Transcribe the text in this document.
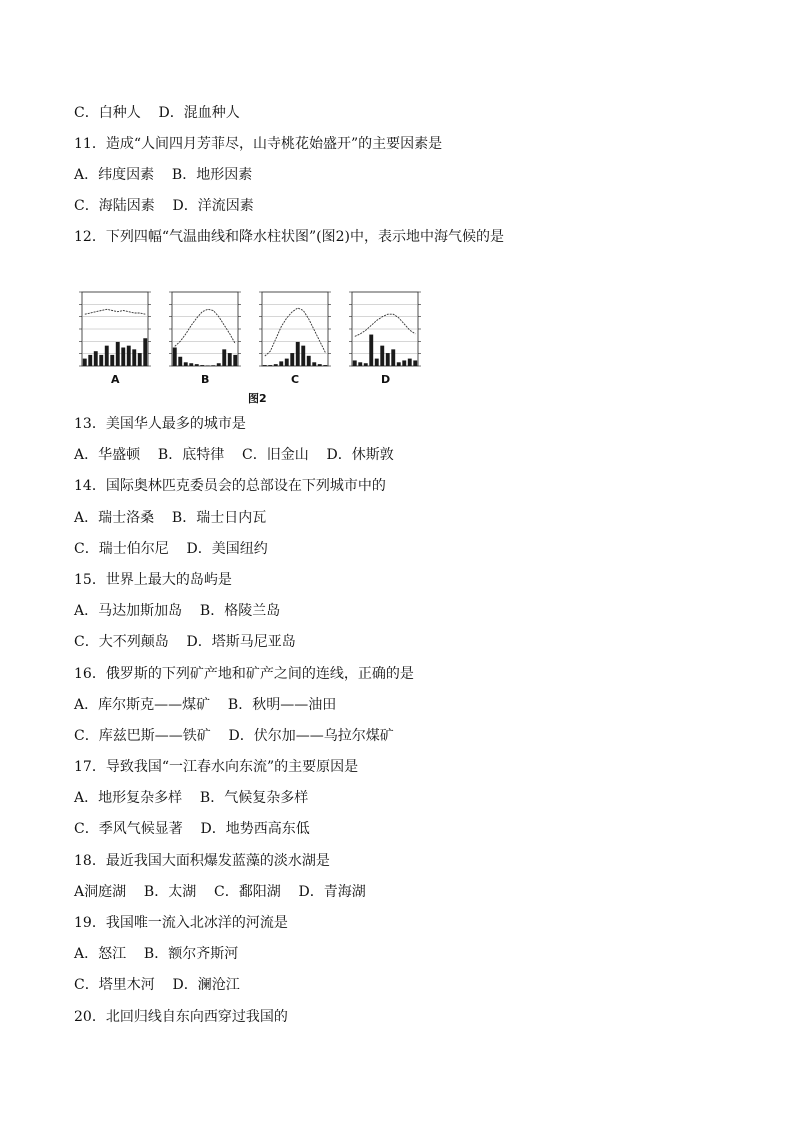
C．白种人    D．混血种人
11．造成“人间四月芳菲尽，山寺桃花始盛开”的主要因素是
A．纬度因素    B．地形因素
C．海陆因素    D．洋流因素
12．下列四幅“气温曲线和降水柱状图”(图2)中，表示地中海气候的是
图2
A	B	C	D
13．美国华人最多的城市是
A．华盛顿    B．底特律    C．旧金山    D．休斯敦
14．国际奥林匹克委员会的总部设在下列城市中的
A．瑞士洛桑    B．瑞士日内瓦
C．瑞士伯尔尼    D．美国纽约
15．世界上最大的岛屿是
A．马达加斯加岛    B．格陵兰岛
C．大不列颠岛    D．塔斯马尼亚岛
16．俄罗斯的下列矿产地和矿产之间的连线，正确的是
A．库尔斯克——煤矿    B．秋明——油田
C．库兹巴斯——铁矿    D．伏尔加——乌拉尔煤矿
17．导致我国“一江春水向东流”的主要原因是
A．地形复杂多样    B．气候复杂多样
C．季风气候显著    D．地势西高东低
18．最近我国大面积爆发蓝藻的淡水湖是
A洞庭湖    B．太湖    C．鄱阳湖    D．青海湖
19．我国唯一流入北冰洋的河流是
A．怒江    B．额尔齐斯河
C．塔里木河    D．澜沧江
20．北回归线自东向西穿过我国的
